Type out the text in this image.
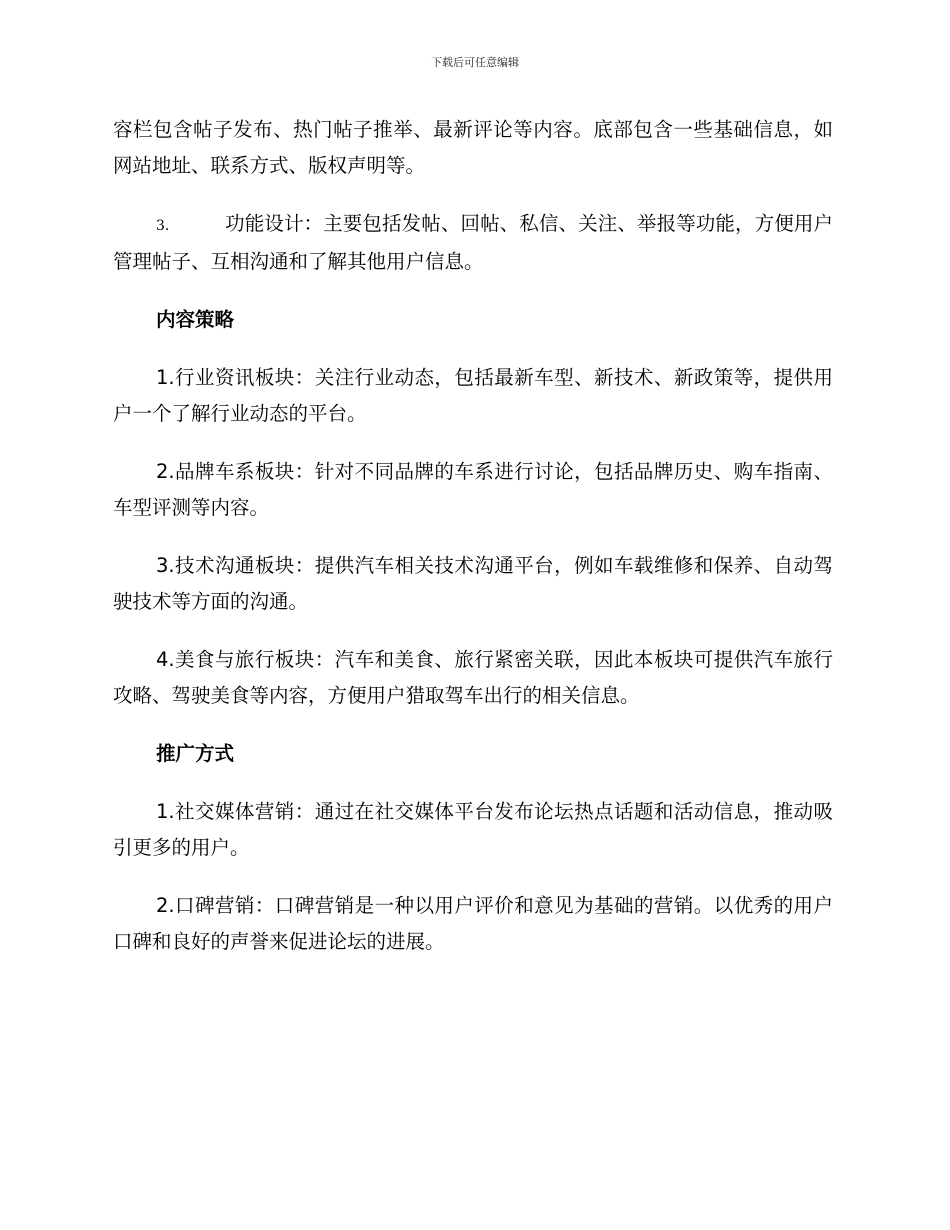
下载后可任意编辑

容栏包含帖子发布、热门帖子推举、最新评论等内容。底部包含一些基础信息，如网站地址、联系方式、版权声明等。

3.	功能设计：主要包括发帖、回帖、私信、关注、举报等功能，方便用户管理帖子、互相沟通和了解其他用户信息。

内容策略

1.行业资讯板块：关注行业动态，包括最新车型、新技术、新政策等，提供用户一个了解行业动态的平台。

2.品牌车系板块：针对不同品牌的车系进行讨论，包括品牌历史、购车指南、车型评测等内容。

3.技术沟通板块：提供汽车相关技术沟通平台，例如车载维修和保养、自动驾驶技术等方面的沟通。

4.美食与旅行板块：汽车和美食、旅行紧密关联，因此本板块可提供汽车旅行攻略、驾驶美食等内容，方便用户猎取驾车出行的相关信息。

推广方式

1.社交媒体营销：通过在社交媒体平台发布论坛热点话题和活动信息，推动吸引更多的用户。

2.口碑营销：口碑营销是一种以用户评价和意见为基础的营销。以优秀的用户口碑和良好的声誉来促进论坛的进展。
